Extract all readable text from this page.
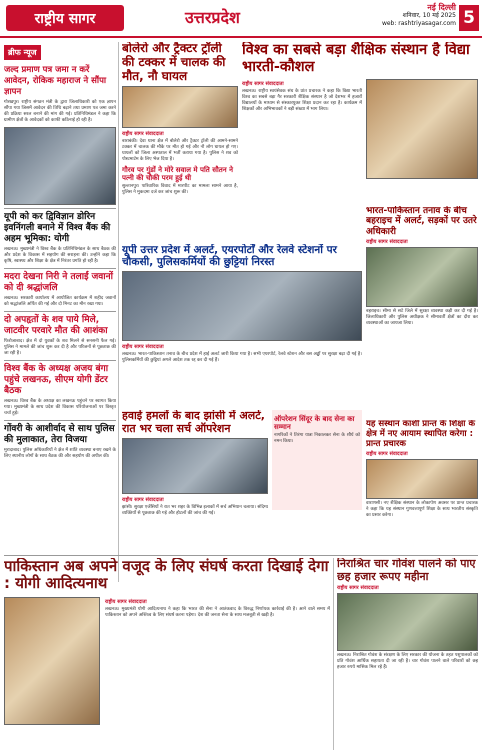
राष्ट्रीय सागर	उत्तरप्रदेश
नई दिल्ली
शनिवार, 10 मई 2025
web: rashtriyasagar.com 5
ब्रीफ न्यूज
जल्द प्रमाण पत्र जमा न करें आवेदन, रोकिक महाराज ने सौंपा ज्ञापन
गोरखपुर। राष्ट्रीय संगठन मंत्री के द्वारा जिलाधिकारी को एक ज्ञापन सौंपा गया जिसमें आवेदन की तिथि बढ़ाने तथा प्रमाण पत्र जमा करने की प्रक्रिया सरल बनाने की मांग की गई। प्रतिनिधिमंडल ने कहा कि ग्रामीण क्षेत्रों के आवेदकों को काफी कठिनाई हो रही है।
यूपी को कर द्विविज्ञान डोरिन इवनिंगली बनाने में विश्व बैंक की अहम भूमिका: योगी
लखनऊ। मुख्यमंत्री ने विश्व बैंक के प्रतिनिधिमंडल के साथ बैठक की और प्रदेश के विकास में सहयोग की सराहना की। उन्होंने कहा कि कृषि, स्वास्थ्य और शिक्षा के क्षेत्र में निरंतर प्रगति हो रही है।
मदरा देखना निरी ने तलाईं जवानों को दी श्रद्धांजलि
लखनऊ। सरकारी कार्यालय में आयोजित कार्यक्रम में शहीद जवानों को श्रद्धांजलि अर्पित की गई और दो मिनट का मौन रखा गया।
दो अपहृतों के शव पाये मिले, जाटवीर परवारे मौत की आशंका
फिरोजाबाद। क्षेत्र में दो युवकों के शव मिलने से सनसनी फैल गई। पुलिस ने मामले की जांच शुरू कर दी है और परिजनों से पूछताछ की जा रही है।
विश्व बैंक के अध्यक्ष अजय बंगा पहुंचे लखनऊ, सीएम योगी डेंटर बैठक
लखनऊ। विश्व बैंक के अध्यक्ष का लखनऊ पहुंचने पर स्वागत किया गया। मुख्यमंत्री के साथ प्रदेश की विकास परियोजनाओं पर विस्तृत चर्चा हुई।
गोंवरी के आशीर्वाद से साथ पुलिस की मुलाकात, तेरा विजया
मुरादाबाद। पुलिस अधिकारियों ने क्षेत्र में शांति व्यवस्था बनाए रखने के लिए स्थानीय लोगों के साथ बैठक की और सहयोग की अपील की।
बोलेरो और ट्रैक्टर ट्रॉली की टक्कर में चालक की मौत, नौ घायल
राष्ट्रीय सागर संवाददाता
बाराबंकी। देवा थाना क्षेत्र में बोलेरो और ट्रैक्टर ट्रॉली की आमने-सामने टक्कर में चालक की मौके पर मौत हो गई और नौ लोग घायल हो गए। घायलों को जिला अस्पताल में भर्ती कराया गया है। पुलिस ने शव को पोस्टमार्टम के लिए भेज दिया है।
गौरव पर गुंडों ने मोरे सवाल मे पति सौतन ने पत्नी की चौकी परम हुई थी
सुल्तानपुर। पारिवारिक विवाद में मारपीट का मामला सामने आया है, पुलिस ने मुकदमा दर्ज कर जांच शुरू की।
विश्व का सबसे बड़ा शैक्षिक संस्थान है विद्या भारती-कौशल
राष्ट्रीय सागर संवाददाता
लखनऊ। राष्ट्रीय स्वयंसेवक संघ के प्रांत प्रचारक ने कहा कि विद्या भारती विश्व का सबसे बड़ा गैर सरकारी शैक्षिक संस्थान है जो देशभर में हजारों विद्यालयों के माध्यम से संस्कारयुक्त शिक्षा प्रदान कर रहा है। कार्यक्रम में शिक्षकों और अभिभावकों ने बड़ी संख्या में भाग लिया।
यूपी उत्तर प्रदेश में अलर्ट, एयरपोर्टों और रेलवे स्टेशनों पर चौकसी, पुलिसकर्मियों की छुट्टियां निरस्त
राष्ट्रीय सागर संवाददाता
लखनऊ। भारत-पाकिस्तान तनाव के बीच प्रदेश में हाई अलर्ट जारी किया गया है। सभी एयरपोर्ट, रेलवे स्टेशन और बस अड्डों पर सुरक्षा बढ़ा दी गई है। पुलिसकर्मियों की छुट्टियां अगले आदेश तक रद्द कर दी गई हैं।
भारत-पाकिस्तान तनाव के बीच बहराइच में अलर्ट, सड़कों पर उतरे अधिकारी
राष्ट्रीय सागर संवाददाता
बहराइच। सीमा से सटे जिले में सुरक्षा व्यवस्था कड़ी कर दी गई है। जिलाधिकारी और पुलिस अधीक्षक ने सीमावर्ती क्षेत्रों का दौरा कर व्यवस्थाओं का जायजा लिया।
हवाई हमलों के बाद झांसी में अलर्ट, रात भर चला सर्च ऑपरेशन
राष्ट्रीय सागर संवाददाता
झांसी। सुरक्षा एजेंसियों ने रात भर शहर के विभिन्न इलाकों में सर्च अभियान चलाया। संदिग्ध व्यक्तियों से पूछताछ की गई और होटलों की जांच की गई।
ऑपरेशन सिंदूर के बाद सेना का सम्मान
नागरिकों ने तिरंगा यात्रा निकालकर सेना के शौर्य को नमन किया।
यह संस्थान काशी प्रान्त के शिक्षा के क्षेत्र में नए आयाम स्थापित करेगा : प्रान्त प्रचारक
राष्ट्रीय सागर संवाददाता
वाराणसी। नए शैक्षिक संस्थान के लोकार्पण अवसर पर प्रान्त प्रचारक ने कहा कि यह संस्थान गुणवत्तापूर्ण शिक्षा के साथ भारतीय संस्कृति का प्रसार करेगा।
पाकिस्तान अब अपने वजूद के लिए संघर्ष करता दिखाई देगा : योगी आदित्यनाथ
राष्ट्रीय सागर संवाददाता
लखनऊ। मुख्यमंत्री योगी आदित्यनाथ ने कहा कि भारत की सेना ने आतंकवाद के विरुद्ध निर्णायक कार्रवाई की है। आने वाले समय में पाकिस्तान को अपने अस्तित्व के लिए संघर्ष करना पड़ेगा। देश की जनता सेना के साथ मजबूती से खड़ी है।
निराश्रित चार गोवंश पालने को पाए छह हजार रूपए महीना
राष्ट्रीय सागर संवाददाता
लखनऊ। निराश्रित गोवंश के संरक्षण के लिए सरकार की योजना के तहत पशुपालकों को प्रति गोवंश आर्थिक सहायता दी जा रही है। चार गोवंश पालने वाले परिवारों को छह हजार रुपये मासिक मिल रहे हैं।
